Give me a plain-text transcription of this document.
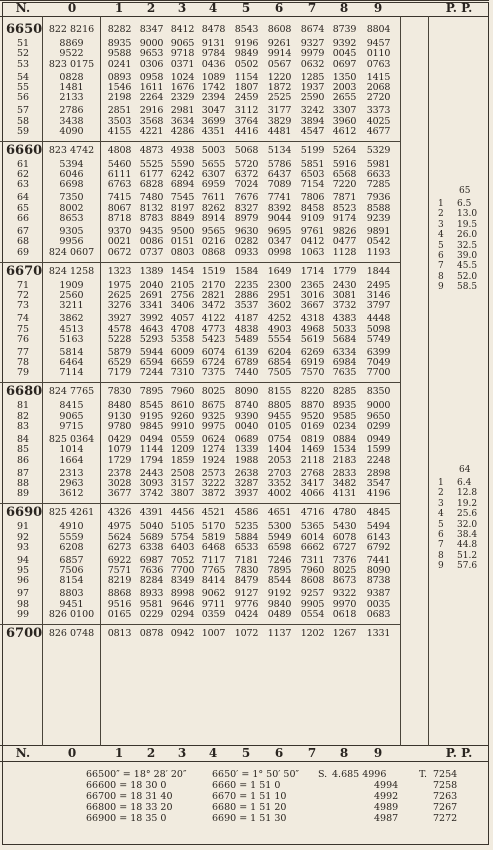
N.	0	1	2	3	4	5	6	7	8	9	P. P.
N.	0	1	2	3	4	5	6	7	8	9	P. P.
6650 822 8216	8282 8347 8412 8478	8543	8608	8674 8739	8804
51	8869	8935 9000 9065 9131	9196	9261	9327 9392	9457
52	9522	9588 9653 9718 9784	9849	9914	9979 0045	0110
53	823 0175	0241 0306 0371 0436	0502	0567	0632 0697	0763
54	0828	0893 0958 1024 1089	1154	1220	1285 1350	1415
55	1481	1546 1611 1676 1742	1807	1872	1937 2003	2068
56	2133	2198 2264 2329 2394	2459	2525	2590 2655	2720
57	2786	2851 2916 2981 3047	3112	3177	3242 3307	3373
58	3438	3503 3568 3634 3699	3764	3829	3894 3960	4025
59	4090	4155 4221 4286 4351	4416	4481	4547 4612	4677
6660 823 4742	4808 4873 4938 5003	5068	5134	5199 5264	5329
61	5394	5460 5525 5590 5655	5720	5786	5851 5916	5981
62	6046	6111 6177 6242 6307	6372	6437	6503 6568	6633
63	6698	6763 6828 6894 6959	7024	7089	7154 7220	7285
64	7350	7415 7480 7545 7611	7676	7741	7806 7871	7936
65	8002	8067 8132 8197 8262	8327	8392	8458 8523	8588
66	8653	8718 8783 8849 8914	8979	9044	9109 9174	9239
67	9305	9370 9435 9500 9565	9630	9695	9761 9826	9891
68	9956	0021 0086 0151 0216	0282	0347	0412 0477	0542
69	824 0607	0672 0737 0803 0868	0933	0998	1063 1128	1193
6670 824 1258	1323 1389 1454 1519	1584	1649	1714 1779	1844
71	1909	1975 2040 2105 2170	2235	2300	2365 2430	2495
72	2560	2625 2691 2756 2821	2886	2951	3016 3081	3146
73	3211	3276 3341 3406 3472	3537	3602	3667 3732	3797
74	3862	3927 3992 4057 4122	4187	4252	4318 4383	4448
75	4513	4578 4643 4708 4773	4838	4903	4968 5033	5098
76	5163	5228 5293 5358 5423	5489	5554	5619 5684	5749
77	5814	5879 5944 6009 6074	6139	6204	6269 6334	6399
78	6464	6529 6594 6659 6724	6789	6854	6919 6984	7049
79	7114	7179 7244 7310 7375	7440	7505	7570 7635	7700
6680 824 7765	7830 7895 7960 8025	8090	8155	8220 8285	8350
81	8415	8480 8545 8610 8675	8740	8805	8870 8935	9000
82	9065	9130 9195 9260 9325	9390	9455	9520 9585	9650
83	9715	9780 9845 9910 9975	0040	0105	0169 0234	0299
84	825 0364	0429 0494 0559 0624	0689	0754	0819 0884	0949
85	1014	1079 1144 1209 1274	1339	1404	1469 1534	1599
86	1664	1729 1794 1859 1924	1988	2053	2118 2183	2248
87	2313	2378 2443 2508 2573	2638	2703	2768 2833	2898
88	2963	3028 3093 3157 3222	3287	3352	3417 3482	3547
89	3612	3677 3742 3807 3872	3937	4002	4066 4131	4196
6690 825 4261	4326 4391 4456 4521	4586	4651	4716 4780	4845
91	4910	4975 5040 5105 5170	5235	5300	5365 5430	5494
92	5559	5624 5689 5754 5819	5884	5949	6014 6078	6143
93	6208	6273 6338 6403 6468	6533	6598	6662 6727	6792
94	6857	6922 6987 7052 7117	7181	7246	7311 7376	7441
95	7506	7571 7636 7700 7765	7830	7895	7960 8025	8090
96	8154	8219 8284 8349 8414	8479	8544	8608 8673	8738
97	8803	8868 8933 8998 9062	9127	9192	9257 9322	9387
98	9451	9516 9581 9646 9711	9776	9840	9905 9970	0035
99	826 0100	0165 0229 0294 0359	0424	0489	0554 0618	0683
6700 826 0748	0813 0878 0942 1007	1072	1137	1202 1267	1331
65
1 6.5
2 13.0
3 19.5
4 26.0
5 32.5
6 39.0
7 45.5
8 52.0
9 58.5
64
1 6.4
2 12.8
3 19.2
4 25.6
5 32.0
6 38.4
7 44.8
8 51.2
9 57.6
66500″ = 18° 28′ 20″	6650′ = 1° 50′ 50″ S.	T.
4.685 4996	7254
66600 = 18 30 0	6660 = 1 51 0	4994	7258
66700 = 18 31 40	6670 = 1 51 10	4992	7263
66800 = 18 33 20	6680 = 1 51 20	4989	7267
66900 = 18 35 0	6690 = 1 51 30	4987	7272
